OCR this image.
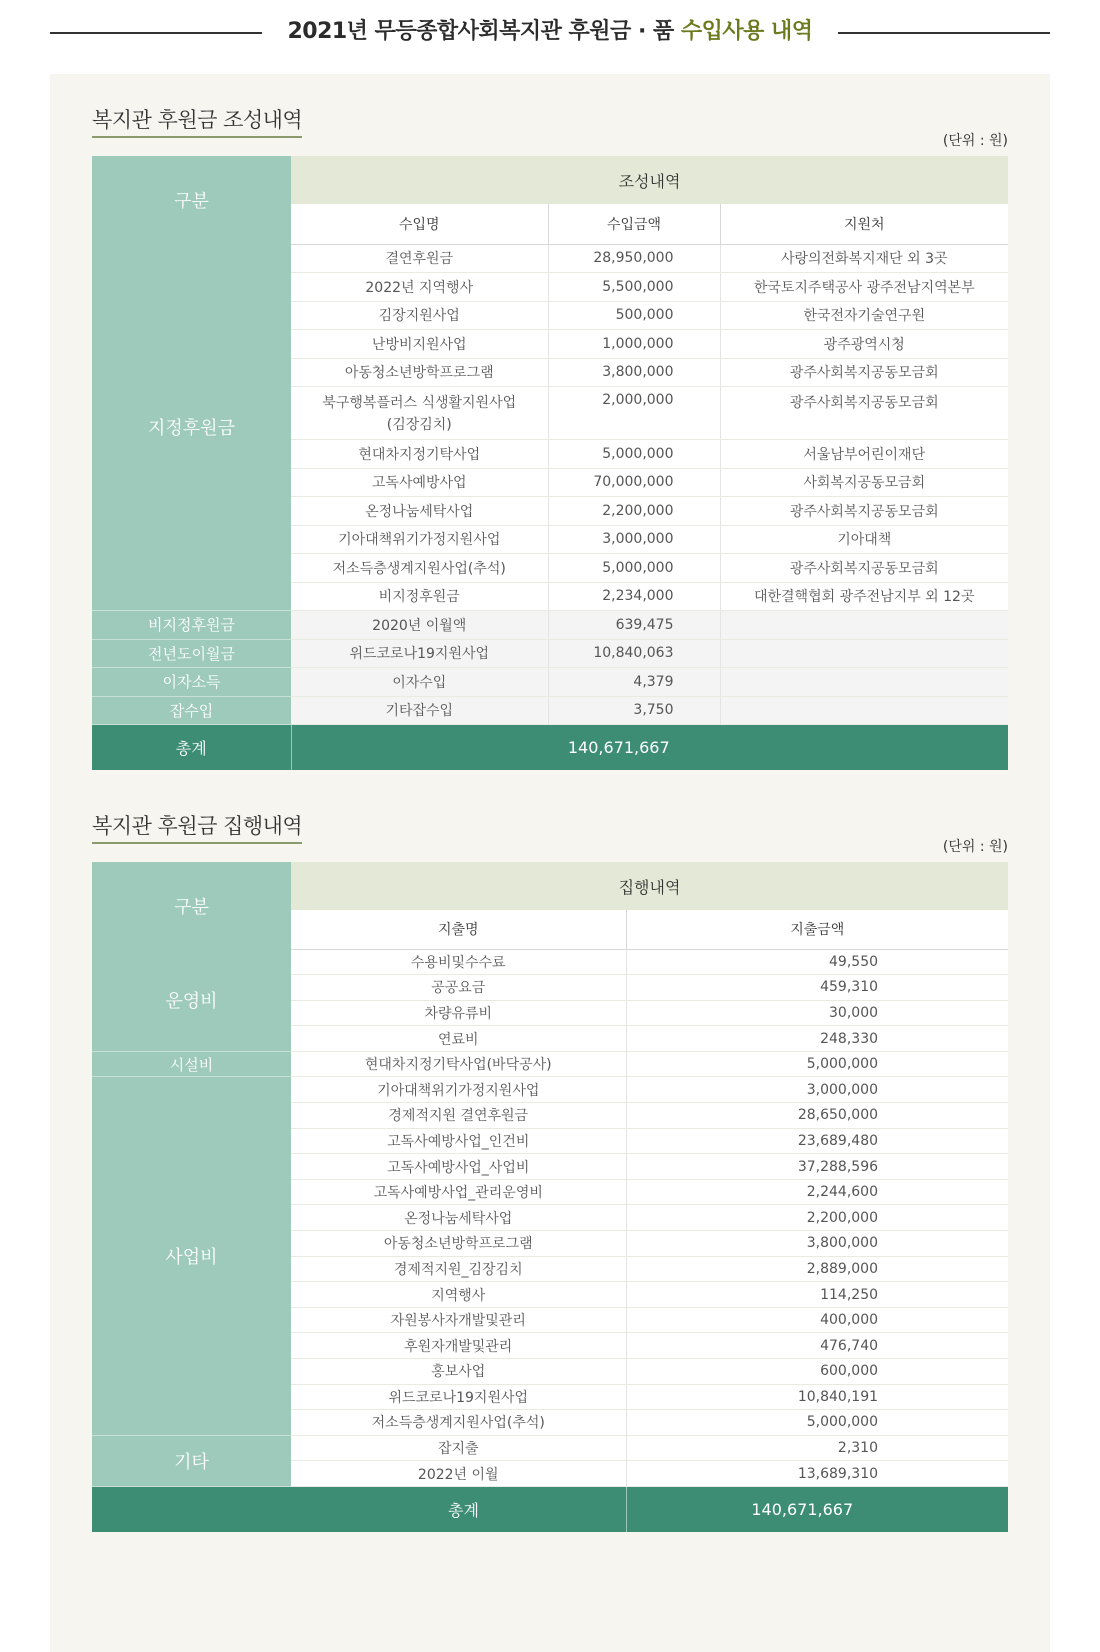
2021년 무등종합사회복지관 후원금 · 품 수입사용 내역
복지관 후원금 조성내역
(단위 : 원)
구분	조성내역		
	수입명	수입금액	지원처
지정후원금	결연후원금	28,950,000	사랑의전화복지재단 외 3곳

	2022년 지역행사	5,500,000	한국토지주택공사 광주전남지역본부

	김장지원사업	500,000	한국전자기술연구원

	난방비지원사업	1,000,000	광주광역시청

	아동청소년방학프로그램	3,800,000	광주사회복지공동모금회

	북구행복플러스 식생활지원사업
(김장김치)	2,000,000	광주사회복지공동모금회

	현대차지정기탁사업	5,000,000	서울남부어린이재단

	고독사예방사업	70,000,000	사회복지공동모금회

	온정나눔세탁사업	2,200,000	광주사회복지공동모금회

	기아대책위기가정지원사업	3,000,000	기아대책

	저소득층생계지원사업(추석)	5,000,000	광주사회복지공동모금회

	비지정후원금	2,234,000	대한결핵협회 광주전남지부 외 12곳
비지정후원금	2020년 이월액	639,475	
전년도이월금	위드코로나19지원사업	10,840,063	
이자소득	이자수입	4,379	
잡수입	기타잡수입	3,750	
총계	140,671,667		
복지관 후원금 집행내역
(단위 : 원)
구분	집행내역	
	지출명	지출금액
운영비	수용비및수수료	49,550
	공공요금	459,310
	차량유류비	30,000
	연료비	248,330
시설비	현대차지정기탁사업(바닥공사)	5,000,000
사업비	기아대책위기가정지원사업	3,000,000
	경제적지원 결연후원금	28,650,000
	고독사예방사업_인건비	23,689,480
	고독사예방사업_사업비	37,288,596
	고독사예방사업_관리운영비	2,244,600
	온정나눔세탁사업	2,200,000
	아동청소년방학프로그램	3,800,000
	경제적지원_김장김치	2,889,000
	지역행사	114,250
	자원봉사자개발및관리	400,000
	후원자개발및관리	476,740
	홍보사업	600,000
	위드코로나19지원사업	10,840,191
	저소득층생계지원사업(추석)	5,000,000
기타	잡지출	2,310
	2022년 이월	13,689,310
총계		140,671,667
